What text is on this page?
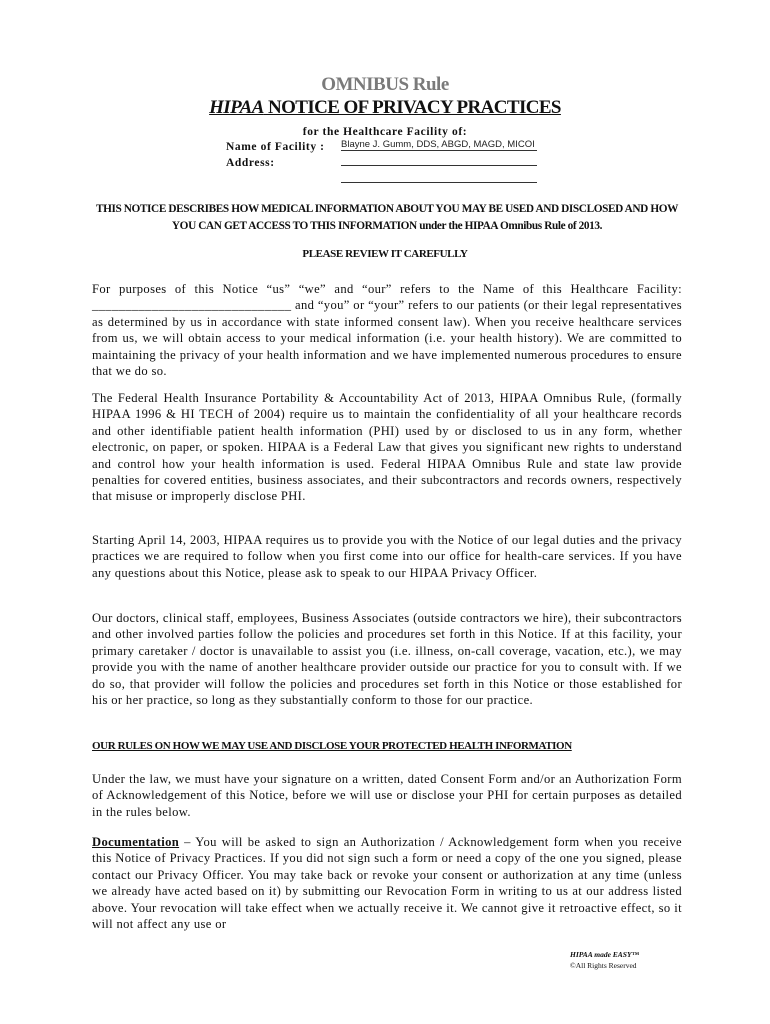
OMNIBUS Rule
HIPAA NOTICE OF PRIVACY PRACTICES
for the Healthcare Facility of:
Name of Facility : Blayne J. Gumm, DDS, ABGD, MAGD, MICOI
Address:
THIS NOTICE DESCRIBES HOW MEDICAL INFORMATION ABOUT YOU MAY BE USED AND DISCLOSED AND HOW YOU CAN GET ACCESS TO THIS INFORMATION under the HIPAA Omnibus Rule of 2013.
PLEASE REVIEW IT CAREFULLY
For purposes of this Notice “us” “we” and “our” refers to the Name of this Healthcare Facility: ______________________________ and “you” or “your” refers to our patients (or their legal representatives as determined by us in accordance with state informed consent law). When you receive healthcare services from us, we will obtain access to your medical information (i.e. your health history). We are committed to maintaining the privacy of your health information and we have implemented numerous procedures to ensure that we do so.
The Federal Health Insurance Portability & Accountability Act of 2013, HIPAA Omnibus Rule, (formally HIPAA 1996 & HI TECH of 2004) require us to maintain the confidentiality of all your healthcare records and other identifiable patient health information (PHI) used by or disclosed to us in any form, whether electronic, on paper, or spoken. HIPAA is a Federal Law that gives you significant new rights to understand and control how your health information is used. Federal HIPAA Omnibus Rule and state law provide penalties for covered entities, business associates, and their subcontractors and records owners, respectively that misuse or improperly disclose PHI.
Starting April 14, 2003, HIPAA requires us to provide you with the Notice of our legal duties and the privacy practices we are required to follow when you first come into our office for health-care services. If you have any questions about this Notice, please ask to speak to our HIPAA Privacy Officer.
Our doctors, clinical staff, employees, Business Associates (outside contractors we hire), their subcontractors and other involved parties follow the policies and procedures set forth in this Notice. If at this facility, your primary caretaker / doctor is unavailable to assist you (i.e. illness, on-call coverage, vacation, etc.), we may provide you with the name of another healthcare provider outside our practice for you to consult with. If we do so, that provider will follow the policies and procedures set forth in this Notice or those established for his or her practice, so long as they substantially conform to those for our practice.
OUR RULES ON HOW WE MAY USE AND DISCLOSE YOUR PROTECTED HEALTH INFORMATION
Under the law, we must have your signature on a written, dated Consent Form and/or an Authorization Form of Acknowledgement of this Notice, before we will use or disclose your PHI for certain purposes as detailed in the rules below.
Documentation – You will be asked to sign an Authorization / Acknowledgement form when you receive this Notice of Privacy Practices. If you did not sign such a form or need a copy of the one you signed, please contact our Privacy Officer. You may take back or revoke your consent or authorization at any time (unless we already have acted based on it) by submitting our Revocation Form in writing to us at our address listed above. Your revocation will take effect when we actually receive it. We cannot give it retroactive effect, so it will not affect any use or
HIPAA made EASY™
©All Rights Reserved
